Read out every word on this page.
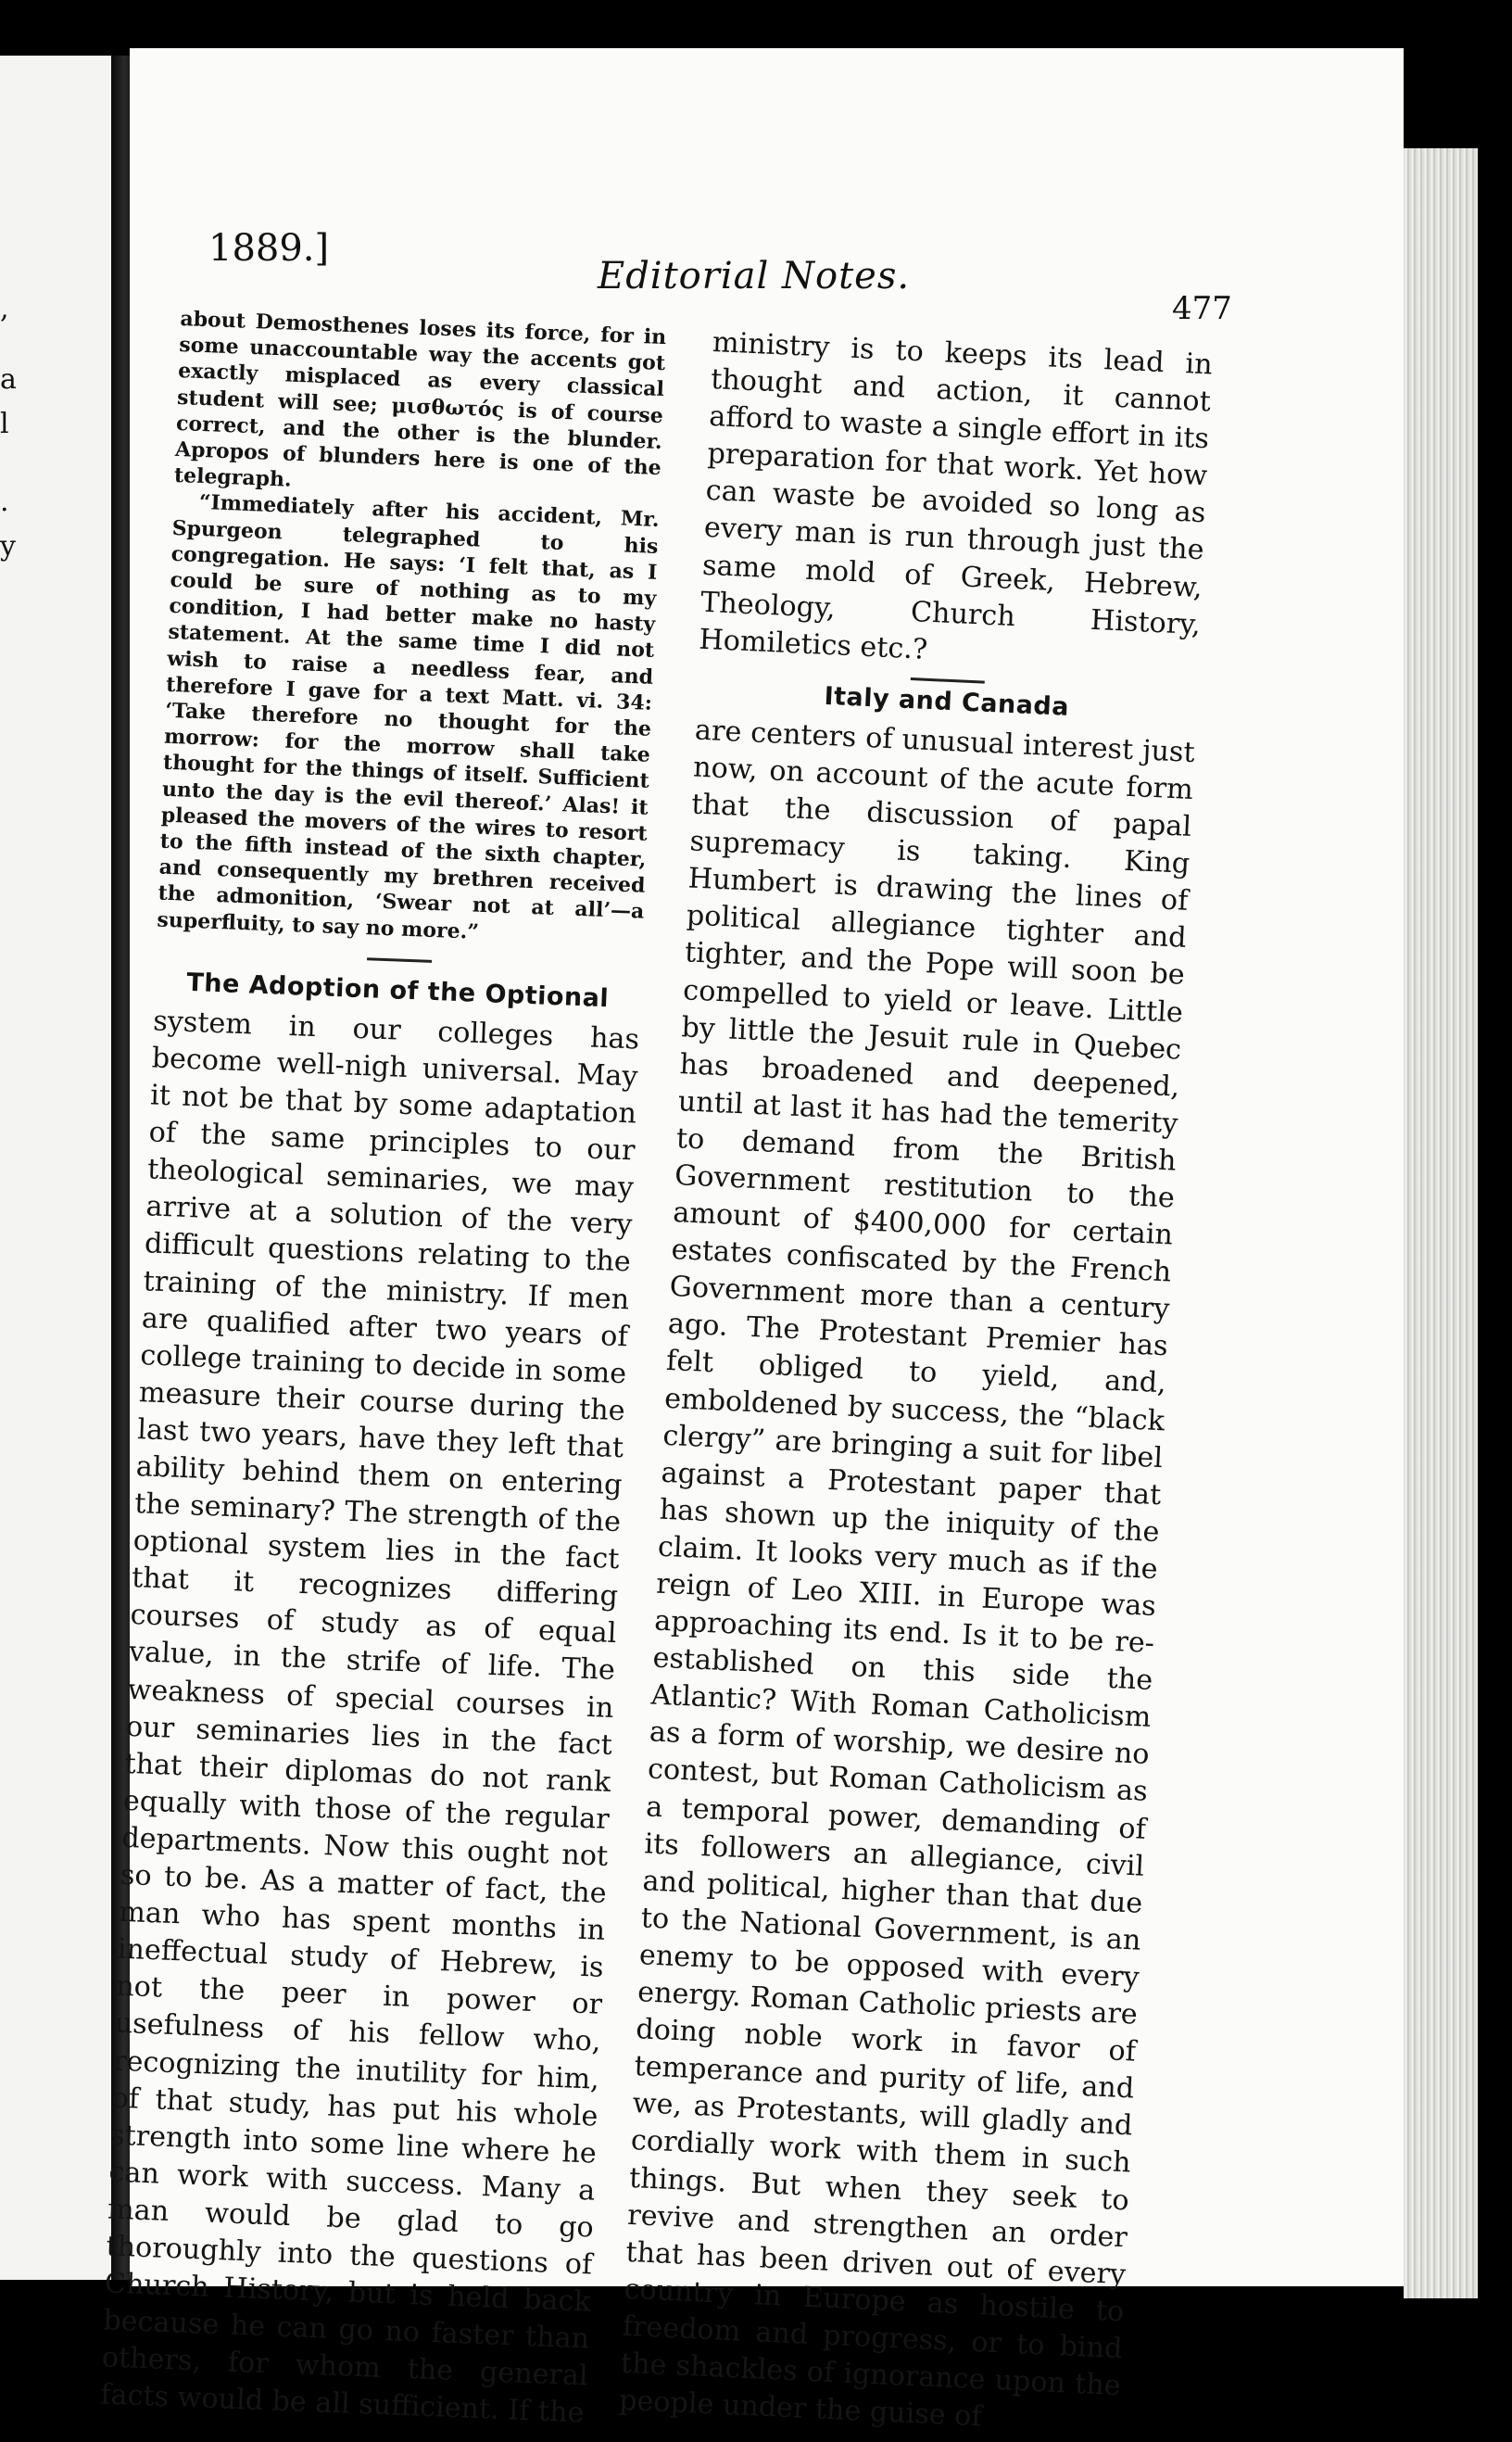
,
a
l
.
y
1889.]
Editorial Notes.
477

about Demosthenes loses its force, for in some unaccountable way the accents got exactly misplaced as every classical student will see; μισθωτός is of course correct, and the other is the blunder. Apropos of blunders here is one of the telegraph.

“Immediately after his accident, Mr. Spurgeon telegraphed to his congregation. He says: ‘I felt that, as I could be sure of nothing as to my condition, I had better make no hasty statement. At the same time I did not wish to raise a needless fear, and therefore I gave for a text Matt. vi. 34: ‘Take therefore no thought for the morrow: for the morrow shall take thought for the things of itself. Sufficient unto the day is the evil thereof.’ Alas! it pleased the movers of the wires to resort to the fifth instead of the sixth chapter, and consequently my brethren received the admonition, ‘Swear not at all’—a superfluity, to say no more.”

The Adoption of the Optional

system in our colleges has become well-nigh universal. May it not be that by some adaptation of the same principles to our theological seminaries, we may arrive at a solution of the very difficult questions relating to the training of the ministry. If men are qualified after two years of college training to decide in some measure their course during the last two years, have they left that ability behind them on entering the seminary? The strength of the optional system lies in the fact that it recognizes differing courses of study as of equal value, in the strife of life. The weakness of special courses in our seminaries lies in the fact that their diplomas do not rank equally with those of the regular departments. Now this ought not so to be. As a matter of fact, the man who has spent months in ineffectual study of Hebrew, is not the peer in power or usefulness of his fellow who, recognizing the inutility for him, of that study, has put his whole strength into some line where he can work with success. Many a man would be glad to go thoroughly into the questions of Church History, but is held back because he can go no faster than others, for whom the general facts would be all sufficient. If the

ministry is to keeps its lead in thought and action, it cannot afford to waste a single effort in its preparation for that work. Yet how can waste be avoided so long as every man is run through just the same mold of Greek, Hebrew, Theology, Church History, Homiletics etc.?

Italy and Canada

are centers of unusual interest just now, on account of the acute form that the discussion of papal supremacy is taking. King Humbert is drawing the lines of political allegiance tighter and tighter, and the Pope will soon be compelled to yield or leave. Little by little the Jesuit rule in Quebec has broadened and deepened, until at last it has had the temerity to demand from the British Government restitution to the amount of $400,000 for certain estates confiscated by the French Government more than a century ago. The Protestant Premier has felt obliged to yield, and, emboldened by success, the “black clergy” are bringing a suit for libel against a Protestant paper that has shown up the iniquity of the claim. It looks very much as if the reign of Leo XIII. in Europe was approaching its end. Is it to be re-established on this side the Atlantic? With Roman Catholicism as a form of worship, we desire no contest, but Roman Catholicism as a temporal power, demanding of its followers an allegiance, civil and political, higher than that due to the National Government, is an enemy to be opposed with every energy. Roman Catholic priests are doing noble work in favor of temperance and purity of life, and we, as Protestants, will gladly and cordially work with them in such things. But when they seek to revive and strengthen an order that has been driven out of every country in Europe as hostile to freedom and progress, or to bind the shackles of ignorance upon the people under the guise of
